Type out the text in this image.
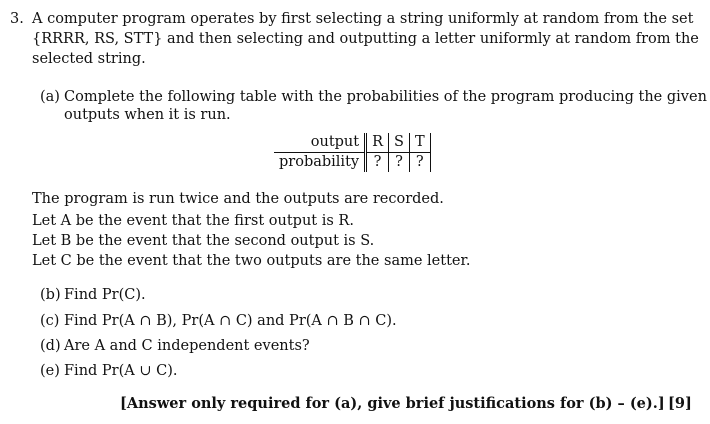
3. A computer program operates by first selecting a string uniformly at random from the set
{RRRR, RS, STT} and then selecting and outputting a letter uniformly at random from the
selected string.
(a) Complete the following table with the probabilities of the program producing the given
outputs when it is run.
output	R	S	T
probability	?	?	?
The program is run twice and the outputs are recorded.
Let A be the event that the first output is R.
Let B be the event that the second output is S.
Let C be the event that the two outputs are the same letter.
(b) Find Pr(C).
(c) Find Pr(A ∩ B), Pr(A ∩ C) and Pr(A ∩ B ∩ C).
(d) Are A and C independent events?
(e) Find Pr(A ∪ C).
[Answer only required for (a), give brief justifications for (b) – (e).] [9]
